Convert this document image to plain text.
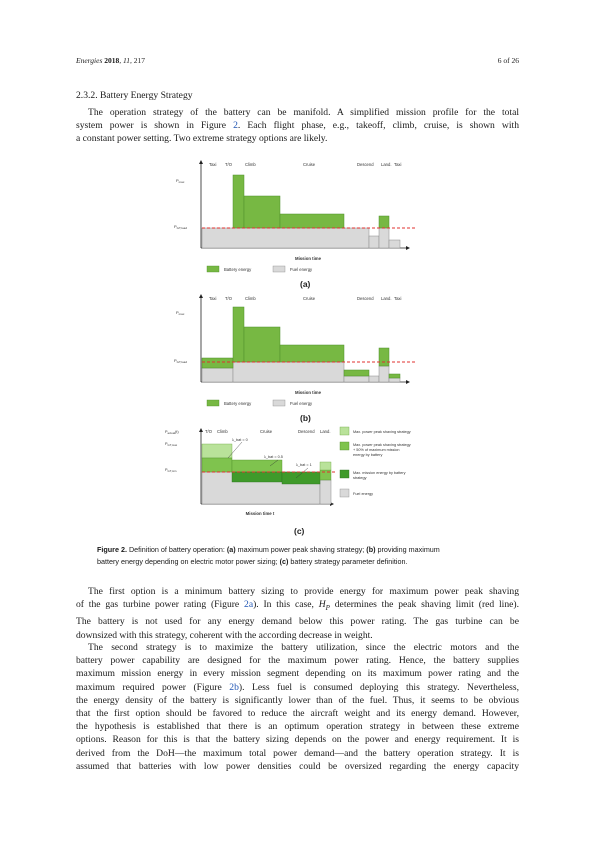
Energies 2018, 11, 217	6 of 26
2.3.2. Battery Energy Strategy
The operation strategy of the battery can be manifold. A simplified mission profile for the total
system power is shown in Figure 2. Each flight phase, e.g., takeoff, climb, cruise, is shown with
a constant power setting. Two extreme strategy options are likely.
Taxi T/O	Climb	Cruise	Descend Land. Taxi
$P_{max}$
$P_{GT,load}$
Mission time
Battery energy	Fuel energy
(a)
Taxi T/O	Climb	Cruise	Descend Land. Taxi
$P_{max}$
$P_{GT,load}$
Mission time
Battery energy	Fuel energy
(b)
T/O Climb	Cruise	Descend Land.
$P_{actual}(t)$
$P_{GT,max}$
$P_{GT,min}$
λ_bat = 0
λ_bat = 0.5
λ_bat = 1
Mission time t
(c)
Max. power peak shaving strategy
Max. power peak shaving strategy + 50% of maximum mission energy by battery
Max. mission energy by battery strategy
Fuel energy
Figure 2. Definition of battery operation: (a) maximum power peak shaving strategy; (b) providing maximum
battery energy depending on electric motor power sizing; (c) battery strategy parameter definition.
The first option is a minimum battery sizing to provide energy for maximum power peak shaving
of the gas turbine power rating (Figure 2a). In this case, $H_P$ determines the peak shaving limit (red line).
The battery is not used for any energy demand below this power rating. The gas turbine can be
downsized with this strategy, coherent with the according decrease in weight.
The second strategy is to maximize the battery utilization, since the electric motors and the
battery power capability are designed for the maximum power rating. Hence, the battery supplies
maximum mission energy in every mission segment depending on its maximum power rating and the
maximum required power (Figure 2b). Less fuel is consumed deploying this strategy. Nevertheless,
the energy density of the battery is significantly lower than of the fuel. Thus, it seems to be obvious
that the first option should be favored to reduce the aircraft weight and its energy demand. However,
the hypothesis is established that there is an optimum operation strategy in between these extreme
options. Reason for this is that the battery sizing depends on the power and energy requirement. It is
derived from the DoH—the maximum total power demand—and the battery operation strategy. It is
assumed that batteries with low power densities could be oversized regarding the energy capacity
